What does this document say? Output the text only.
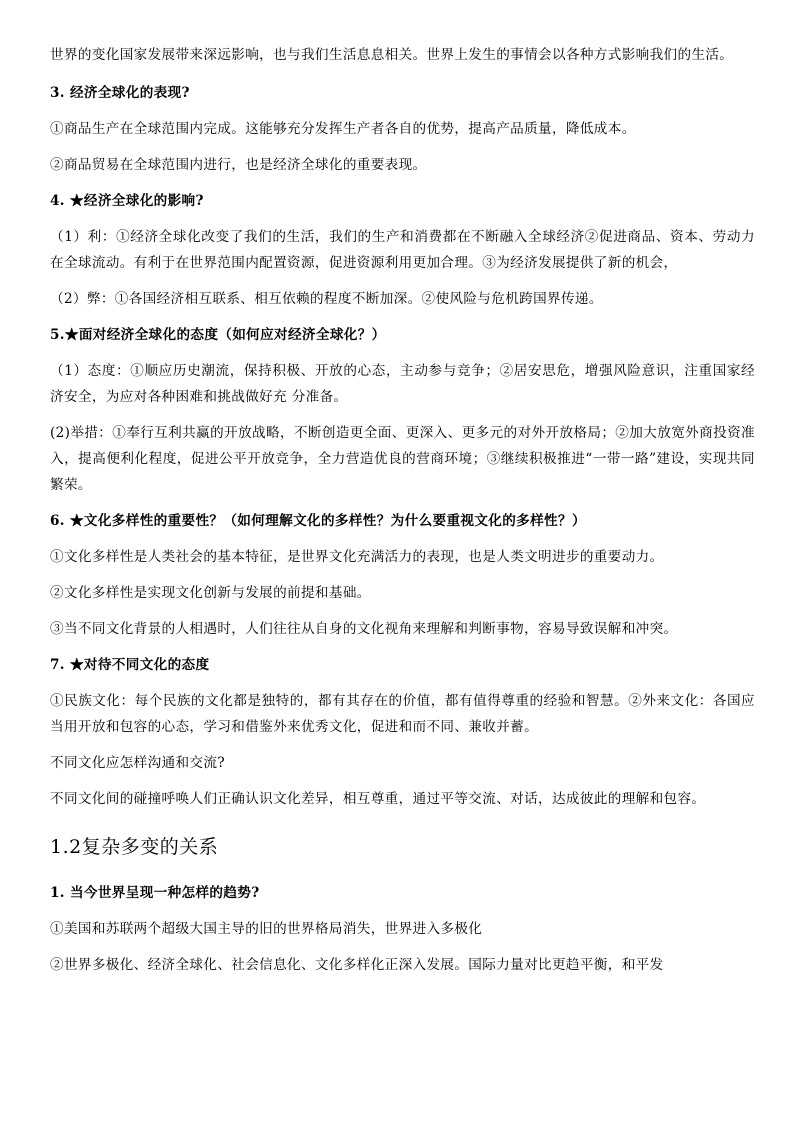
世界的变化国家发展带来深远影响，也与我们生活息息相关。世界上发生的事情会以各种方式影响我们的生活。

3. 经济全球化的表现?

①商品生产在全球范围内完成。这能够充分发挥生产者各自的优势，提高产品质量，降低成本。

②商品贸易在全球范围内进行，也是经济全球化的重要表现。

4. ★经济全球化的影响?

（1）利：①经济全球化改变了我们的生活，我们的生产和消费都在不断融入全球经济②促进商品、资本、劳动力在全球流动。有利于在世界范围内配置资源，促进资源利用更加合理。③为经济发展提供了新的机会，

（2）弊：①各国经济相互联系、相互依赖的程度不断加深。②使风险与危机跨国界传递。

5.★面对经济全球化的态度（如何应对经济全球化？）

（1）态度：①顺应历史潮流，保持积极、开放的心态，主动参与竞争；②居安思危，增强风险意识，注重国家经济安全，为应对各种困难和挑战做好充 分准备。

(2)举措：①奉行互利共赢的开放战略，不断创造更全面、更深入、更多元的对外开放格局；②加大放宽外商投资准入，提高便利化程度，促进公平开放竞争，全力营造优良的营商环境；③继续积极推进“一带一路”建设，实现共同繁荣。

6. ★文化多样性的重要性？（如何理解文化的多样性？为什么要重视文化的多样性？）

①文化多样性是人类社会的基本特征，是世界文化充满活力的表现，也是人类文明进步的重要动力。

②文化多样性是实现文化创新与发展的前提和基础。

③当不同文化背景的人相遇时，人们往往从自身的文化视角来理解和判断事物，容易导致误解和冲突。

7. ★对待不同文化的态度

①民族文化：每个民族的文化都是独特的，都有其存在的价值，都有值得尊重的经验和智慧。②外来文化：各国应当用开放和包容的心态，学习和借鉴外来优秀文化，促进和而不同、兼收并蓄。

不同文化应怎样沟通和交流?

不同文化间的碰撞呼唤人们正确认识文化差异，相互尊重，通过平等交流、对话，达成彼此的理解和包容。

1.2复杂多变的关系

1. 当今世界呈现一种怎样的趋势?

①美国和苏联两个超级大国主导的旧的世界格局消失，世界进入多极化

②世界多极化、经济全球化、社会信息化、文化多样化正深入发展。国际力量对比更趋平衡，和平发
